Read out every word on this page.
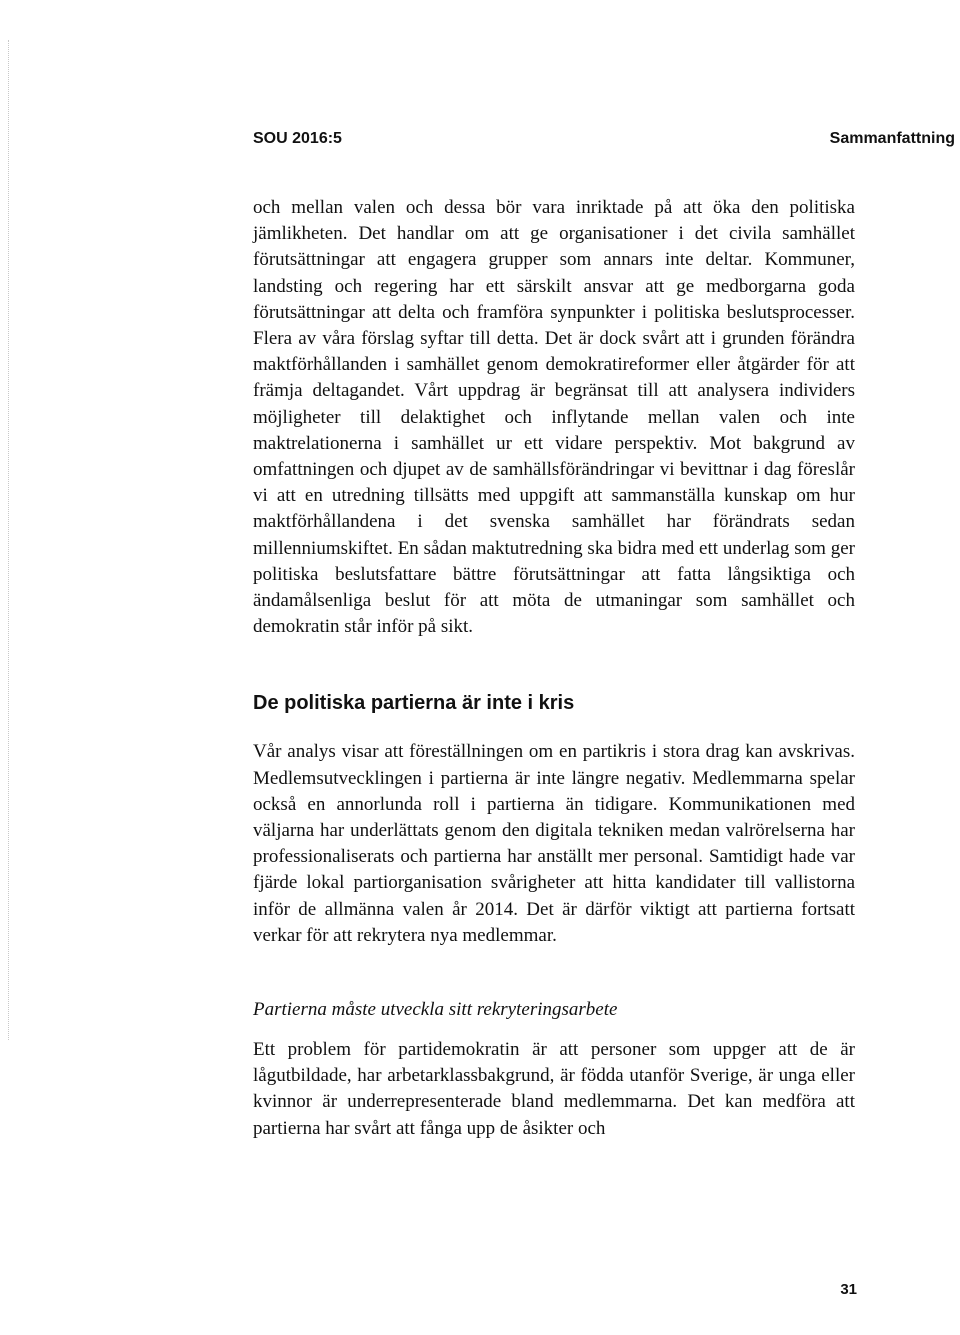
SOU 2016:5	Sammanfattning

och mellan valen och dessa bör vara inriktade på att öka den politiska jämlikheten. Det handlar om att ge organisationer i det civila samhället förutsättningar att engagera grupper som annars inte deltar. Kommuner, landsting och regering har ett särskilt ansvar att ge medborgarna goda förutsättningar att delta och framföra synpunkter i politiska beslutsprocesser. Flera av våra förslag syftar till detta. Det är dock svårt att i grunden förändra maktförhållanden i samhället genom demokratireformer eller åtgärder för att främja deltagandet. Vårt uppdrag är begränsat till att analysera individers möjligheter till delaktighet och inflytande mellan valen och inte maktrelationerna i samhället ur ett vidare perspektiv. Mot bakgrund av omfattningen och djupet av de samhällsförändringar vi bevittnar i dag föreslår vi att en utredning tillsätts med uppgift att sammanställa kunskap om hur maktförhållandena i det svenska samhället har förändrats sedan millenniumskiftet. En sådan maktutredning ska bidra med ett underlag som ger politiska beslutsfattare bättre förutsättningar att fatta långsiktiga och ändamålsenliga beslut för att möta de utmaningar som samhället och demokratin står inför på sikt.

De politiska partierna är inte i kris

Vår analys visar att föreställningen om en partikris i stora drag kan avskrivas. Medlemsutvecklingen i partierna är inte längre negativ. Medlemmarna spelar också en annorlunda roll i partierna än tidigare. Kommunikationen med väljarna har underlättats genom den digitala tekniken medan valrörelserna har professionaliserats och partierna har anställt mer personal. Samtidigt hade var fjärde lokal partiorganisation svårigheter att hitta kandidater till vallistorna inför de allmänna valen år 2014. Det är därför viktigt att partierna fortsatt verkar för att rekrytera nya medlemmar.

Partierna måste utveckla sitt rekryteringsarbete

Ett problem för partidemokratin är att personer som uppger att de är lågutbildade, har arbetarklassbakgrund, är födda utanför Sverige, är unga eller kvinnor är underrepresenterade bland medlemmarna. Det kan medföra att partierna har svårt att fånga upp de åsikter och

31
